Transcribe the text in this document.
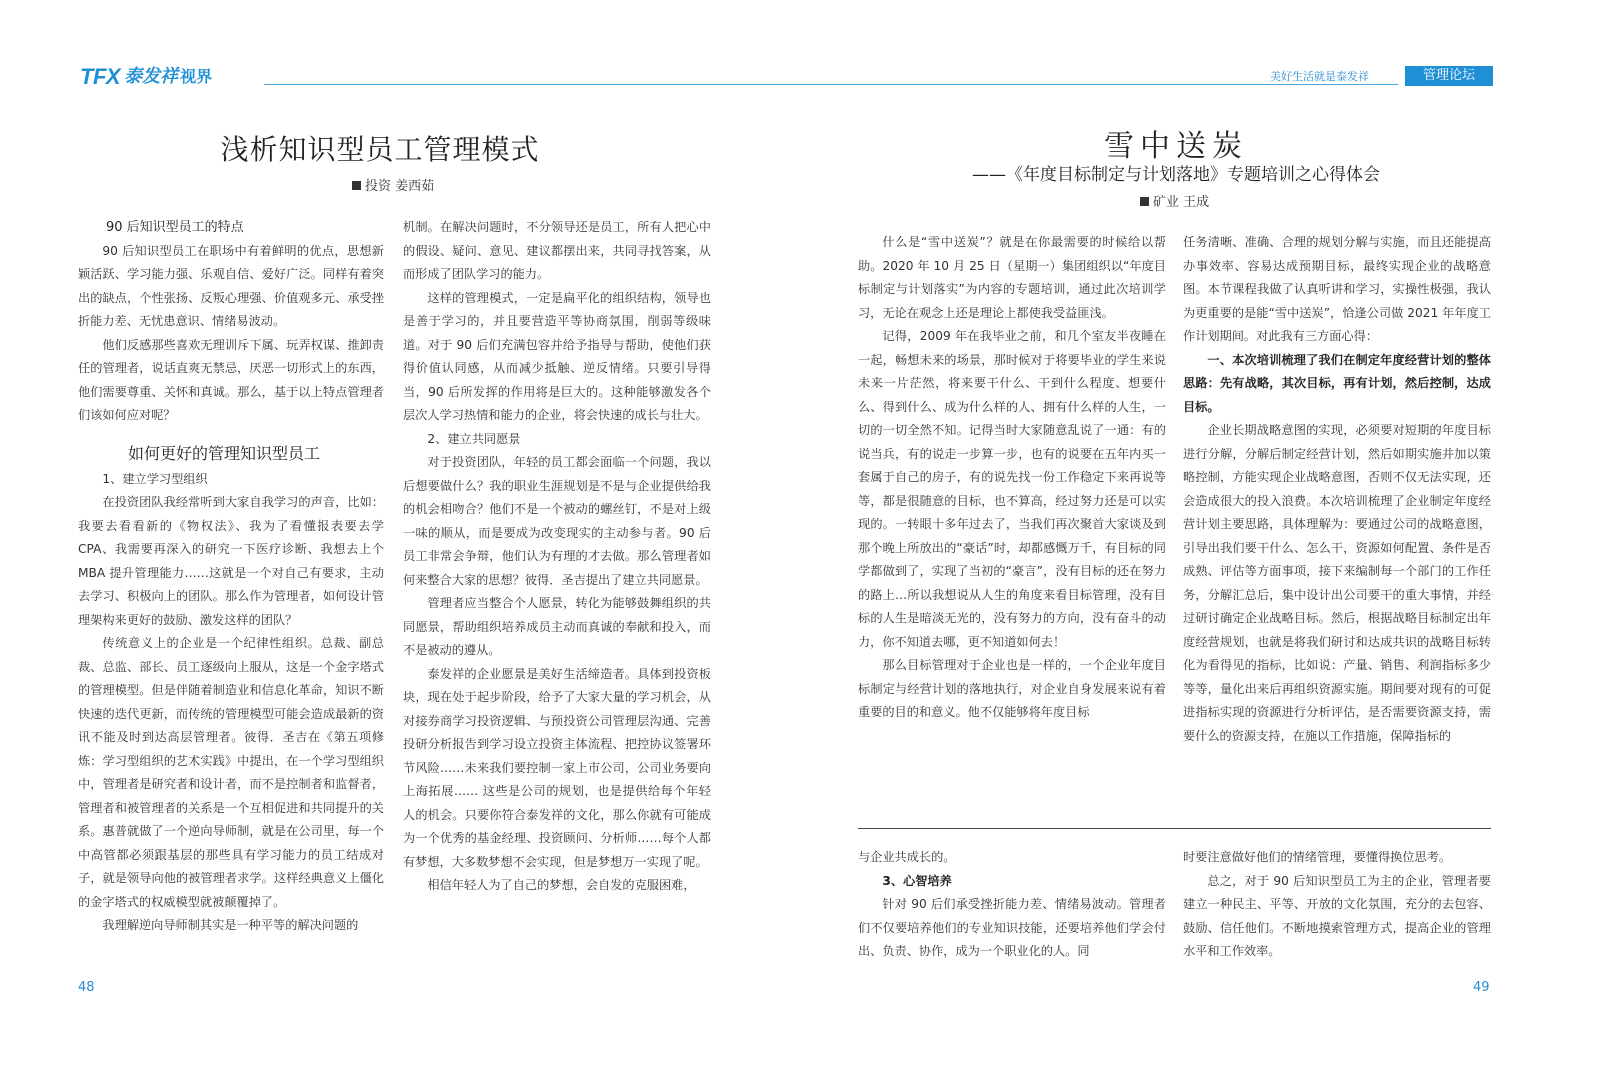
TFX 泰发祥 视界	美好生活就是泰发祥	管理论坛
浅析知识型员工管理模式
投资 姜西茹
雪中送炭
——《年度目标制定与计划落地》专题培训之心得体会
矿业 王成

90 后知识型员工的特点

90 后知识型员工在职场中有着鲜明的优点，思想新颖活跃、学习能力强、乐观自信、爱好广泛。同样有着突出的缺点，个性张扬、反叛心理强、价值观多元、承受挫折能力差、无忧患意识、情绪易波动。

他们反感那些喜欢无理训斥下属、玩弄权谋、推卸责任的管理者，说话直爽无禁忌，厌恶一切形式上的东西，他们需要尊重、关怀和真诚。那么，基于以上特点管理者们该如何应对呢？

如何更好的管理知识型员工

1、建立学习型组织

在投资团队我经常听到大家自我学习的声音，比如：我要去看看新的《物权法》、我为了看懂报表要去学 CPA、我需要再深入的研究一下医疗诊断、我想去上个 MBA 提升管理能力……这就是一个对自己有要求，主动去学习、积极向上的团队。那么作为管理者，如何设计管理架构来更好的鼓励、激发这样的团队？

传统意义上的企业是一个纪律性组织。总裁、副总裁、总监、部长、员工逐级向上服从，这是一个金字塔式的管理模型。但是伴随着制造业和信息化革命，知识不断快速的迭代更新，而传统的管理模型可能会造成最新的资讯不能及时到达高层管理者。彼得．圣吉在《第五项修炼：学习型组织的艺术实践》中提出，在一个学习型组织中，管理者是研究者和设计者，而不是控制者和监督者，管理者和被管理者的关系是一个互相促进和共同提升的关系。惠普就做了一个逆向导师制，就是在公司里，每一个中高管都必须跟基层的那些具有学习能力的员工结成对子，就是领导向他的被管理者求学。这样经典意义上僵化的金字塔式的权威模型就被颠覆掉了。

我理解逆向导师制其实是一种平等的解决问题的

机制。在解决问题时，不分领导还是员工，所有人把心中的假设、疑问、意见、建议都摆出来，共同寻找答案，从而形成了团队学习的能力。

这样的管理模式，一定是扁平化的组织结构，领导也是善于学习的，并且要营造平等协商氛围，削弱等级味道。对于 90 后们充满包容并给予指导与帮助，使他们获得价值认同感，从而减少抵触、逆反情绪。只要引导得当，90 后所发挥的作用将是巨大的。这种能够激发各个层次人学习热情和能力的企业，将会快速的成长与壮大。

2、建立共同愿景

对于投资团队，年轻的员工都会面临一个问题，我以后想要做什么？我的职业生涯规划是不是与企业提供给我的机会相吻合？他们不是一个被动的螺丝钉，不是对上级一味的顺从，而是要成为改变现实的主动参与者。90 后员工非常会争辩，他们认为有理的才去做。那么管理者如何来整合大家的思想？彼得．圣吉提出了建立共同愿景。

管理者应当整合个人愿景，转化为能够鼓舞组织的共同愿景，帮助组织培养成员主动而真诚的奉献和投入，而不是被动的遵从。

泰发祥的企业愿景是美好生活缔造者。具体到投资板块，现在处于起步阶段，给予了大家大量的学习机会，从对接券商学习投资逻辑、与预投资公司管理层沟通、完善投研分析报告到学习设立投资主体流程、把控协议签署环节风险……未来我们要控制一家上市公司，公司业务要向上海拓展…… 这些是公司的规划，也是提供给每个年轻人的机会。只要你符合泰发祥的文化，那么你就有可能成为一个优秀的基金经理、投资顾问、分析师……每个人都有梦想，大多数梦想不会实现，但是梦想万一实现了呢。

相信年轻人为了自己的梦想，会自发的克服困难，

什么是“雪中送炭”？就是在你最需要的时候给以帮助。2020 年 10 月 25 日（星期一）集团组织以“年度目标制定与计划落实”为内容的专题培训，通过此次培训学习，无论在观念上还是理论上都使我受益匪浅。

记得，2009 年在我毕业之前，和几个室友半夜睡在一起，畅想未来的场景，那时候对于将要毕业的学生来说未来一片茫然，将来要干什么、干到什么程度、想要什么、得到什么、成为什么样的人、拥有什么样的人生，一切的一切全然不知。记得当时大家随意乱说了一通：有的说当兵，有的说走一步算一步，也有的说要在五年内买一套属于自己的房子，有的说先找一份工作稳定下来再说等等，都是很随意的目标，也不算高，经过努力还是可以实现的。一转眼十多年过去了，当我们再次聚首大家谈及到那个晚上所放出的“豪话”时，却都感慨万千，有目标的同学都做到了，实现了当初的“豪言”，没有目标的还在努力的路上…所以我想说从人生的角度来看目标管理，没有目标的人生是暗淡无光的，没有努力的方向，没有奋斗的动力，你不知道去哪，更不知道如何去！

那么目标管理对于企业也是一样的，一个企业年度目标制定与经营计划的落地执行，对企业自身发展来说有着重要的目的和意义。他不仅能够将年度目标

任务清晰、准确、合理的规划分解与实施，而且还能提高办事效率、容易达成预期目标，最终实现企业的战略意图。本节课程我做了认真听讲和学习，实操性极强，我认为更重要的是能“雪中送炭”，恰逢公司做 2021 年年度工作计划期间。对此我有三方面心得：

一、本次培训梳理了我们在制定年度经营计划的整体思路：先有战略，其次目标，再有计划，然后控制，达成目标。

企业长期战略意图的实现，必须要对短期的年度目标进行分解，分解后制定经营计划，然后如期实施并加以策略控制，方能实现企业战略意图，否则不仅无法实现，还会造成很大的投入浪费。本次培训梳理了企业制定年度经营计划主要思路，具体理解为：要通过公司的战略意图，引导出我们要干什么、怎么干，资源如何配置、条件是否成熟、评估等方面事项，接下来编制每一个部门的工作任务，分解汇总后，集中设计出公司要干的重大事情，并经过研讨确定企业战略目标。然后，根据战略目标制定出年度经营规划，也就是将我们研讨和达成共识的战略目标转化为看得见的指标，比如说：产量、销售、利润指标多少等等，量化出来后再组织资源实施。期间要对现有的可促进指标实现的资源进行分析评估，是否需要资源支持，需要什么的资源支持，在施以工作措施，保障指标的

与企业共成长的。

3、心智培养

针对 90 后们承受挫折能力差、情绪易波动。管理者们不仅要培养他们的专业知识技能，还要培养他们学会付出、负责、协作，成为一个职业化的人。同

时要注意做好他们的情绪管理，要懂得换位思考。

总之，对于 90 后知识型员工为主的企业，管理者要建立一种民主、平等、开放的文化氛围，充分的去包容、鼓励、信任他们。不断地摸索管理方式，提高企业的管理水平和工作效率。

48	49
